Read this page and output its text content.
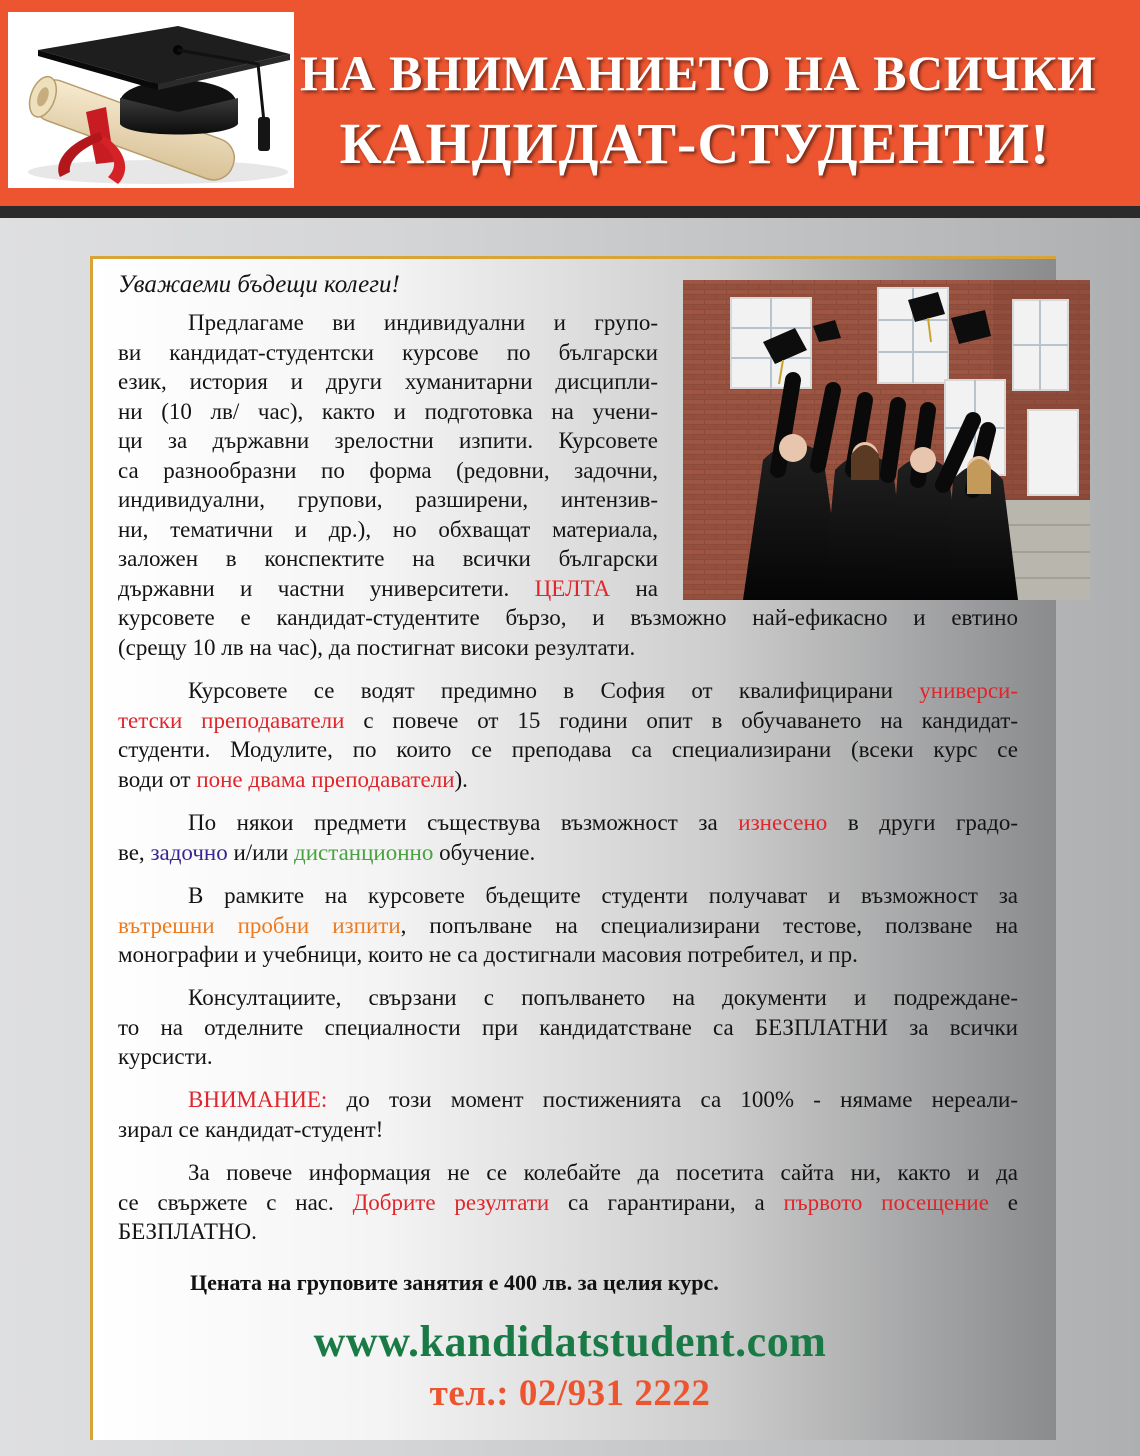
НА ВНИМАНИЕТО НА ВСИЧКИ
КАНДИДАТ-СТУДЕНТИ!
Уважаеми бъдещи колеги!
Предлагаме ви индивидуални и групо-
ви кандидат-студентски курсове по български
език, история и други хуманитарни дисципли-
ни (10 лв/ час), както и подготовка на учени-
ци за държавни зрелостни изпити. Курсовете
са разнообразни по форма (редовни, задочни,
индивидуални, групови, разширени, интензив-
ни, тематични и др.), но обхващат материала,
заложен в конспектите на всички български
държавни и частни университети. ЦЕЛТА на
курсовете е кандидат-студентите бързо, и възможно най-ефикасно и евтино
(срещу 10 лв на час), да постигнат високи резултати.
Курсовете се водят предимно в София от квалифицирани универси-
тетски преподаватели с повече от 15 години опит в обучаването на кандидат-
студенти. Модулите, по които се преподава са специализирани (всеки курс се
води от поне двама преподаватели).
По някои предмети съществува възможност за изнесено в други градо-
ве, задочно и/или дистанционно обучение.
В рамките на курсовете бъдещите студенти получават и възможност за
вътрешни пробни изпити, попълване на специализирани тестове, ползване на
монографии и учебници, които не са достигнали масовия потребител, и пр.
Консултациите, свързани с попълването на документи и подреждане-
то на отделните специалности при кандидатстване са БЕЗПЛАТНИ за всички
курсисти.
ВНИМАНИЕ: до този момент постиженията са 100% - нямаме нереали-
зирал се кандидат-студент!
За повече информация не се колебайте да посетита сайта ни, както и да
се свържете с нас. Добрите резултати са гарантирани, а първото посещение е
БЕЗПЛАТНО.
Цената на груповите занятия е 400 лв. за целия курс.
www.kandidatstudent.com
тел.: 02/931 2222
